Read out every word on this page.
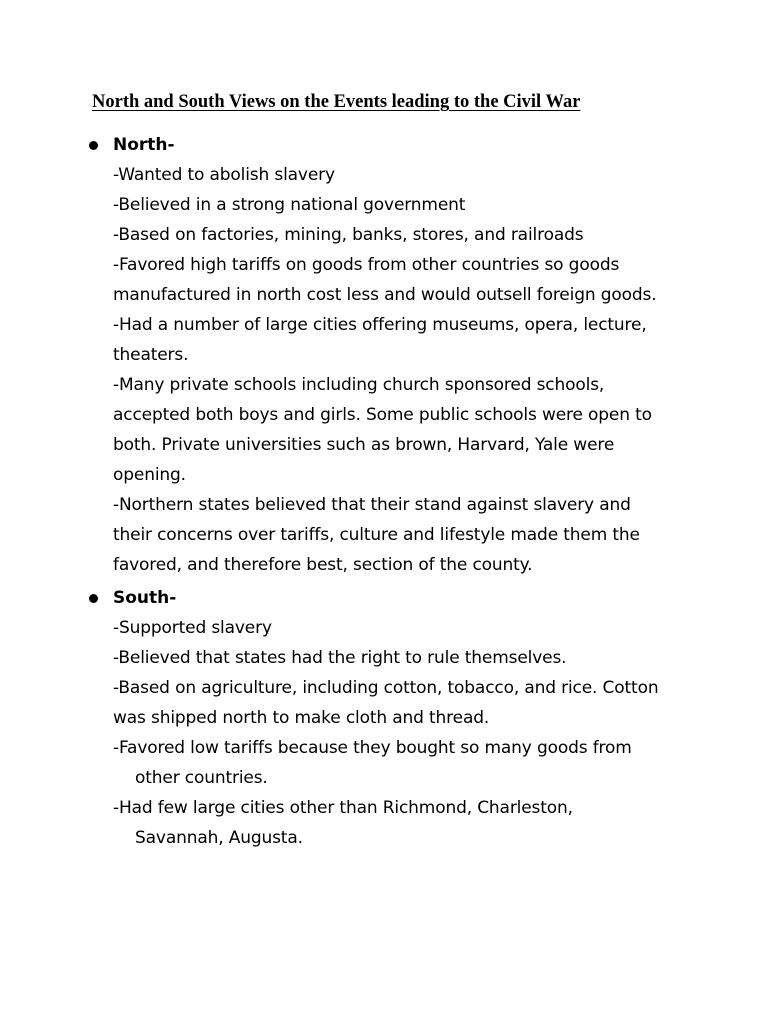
North and South Views on the Events leading to the Civil War
North-
-Wanted to abolish slavery
-Believed in a strong national government
-Based on factories, mining, banks, stores, and railroads
-Favored high tariffs on goods from other countries so goods
manufactured in north cost less and would outsell foreign goods.
-Had a number of large cities offering museums, opera, lecture,
theaters.
-Many private schools including church sponsored schools,
accepted both boys and girls. Some public schools were open to
both. Private universities such as brown, Harvard, Yale were
opening.
-Northern states believed that their stand against slavery and
their concerns over tariffs, culture and lifestyle made them the
favored, and therefore best, section of the county.
South-
-Supported slavery
-Believed that states had the right to rule themselves.
-Based on agriculture, including cotton, tobacco, and rice. Cotton
was shipped north to make cloth and thread.
-Favored low tariffs because they bought so many goods from
other countries.
-Had few large cities other than Richmond, Charleston,
Savannah, Augusta.
